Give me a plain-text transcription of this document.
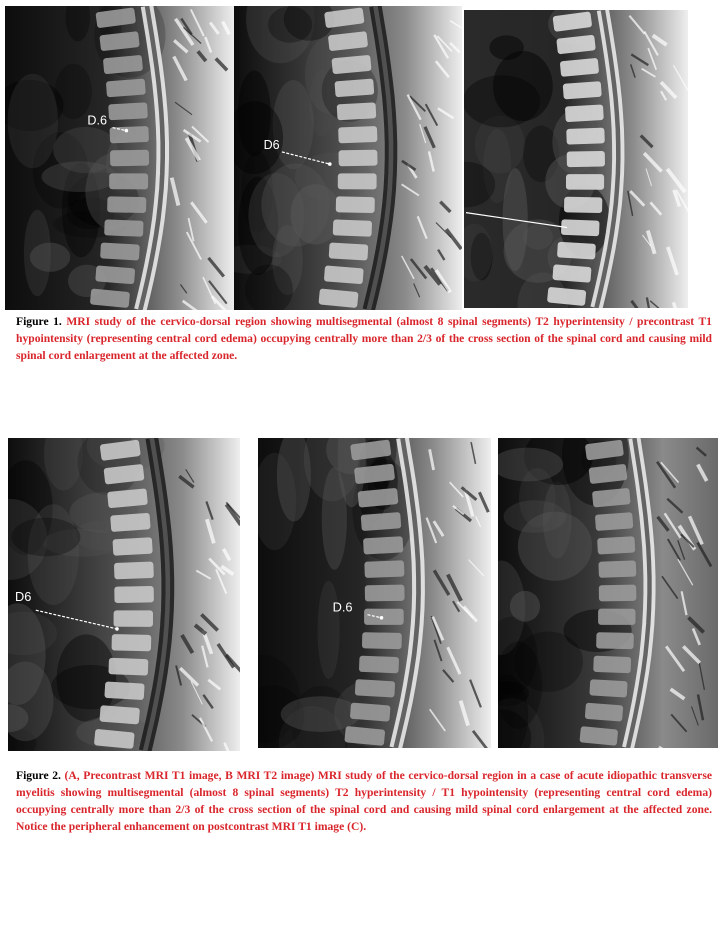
D.6
D6

Figure 1. MRI study of the cervico-dorsal region showing multisegmental (almost 8 spinal segments) T2 hyperintensity / precontrast T1 hypointensity (representing central cord edema) occupying centrally more than 2/3 of the cross section of the spinal cord and causing mild spinal cord enlargement at the affected zone.

D6
D.6

Figure 2. (A, Precontrast MRI T1 image, B MRI T2 image) MRI study of the cervico-dorsal region in a case of acute idiopathic transverse myelitis showing multisegmental (almost 8 spinal segments) T2 hyperintensity / T1 hypointensity (representing central cord edema) occupying centrally more than 2/3 of the cross section of the spinal cord and causing mild spinal cord enlargement at the affected zone. Notice the peripheral enhancement on postcontrast MRI T1 image (C).
